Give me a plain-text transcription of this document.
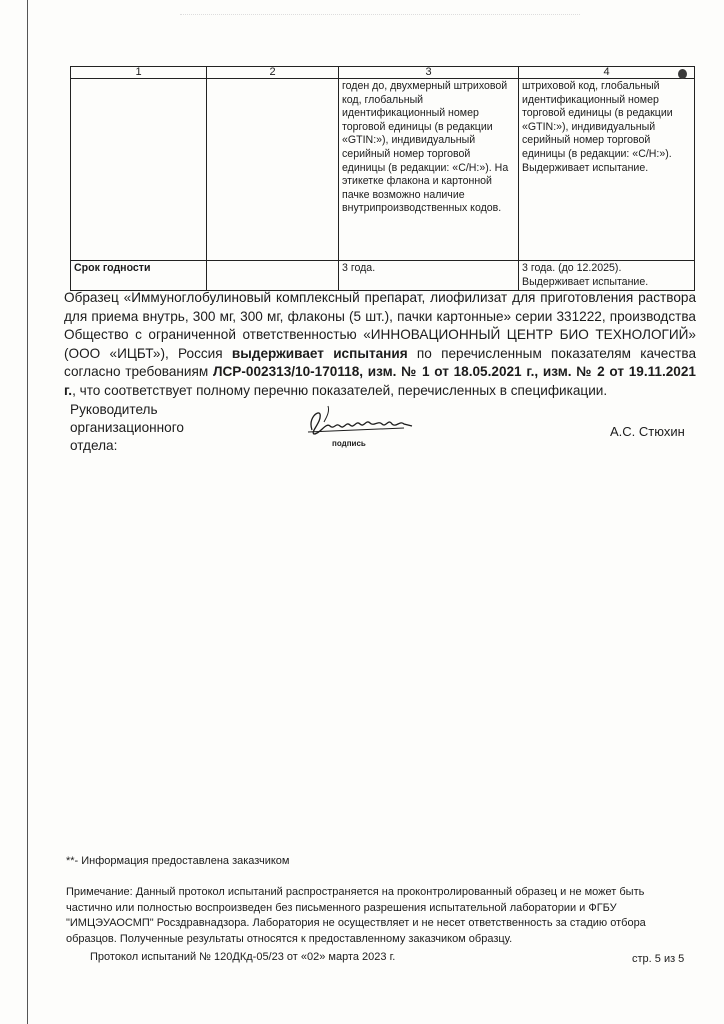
1	2	3	4
		годен до, двухмерный штриховой код, глобальный идентификационный номер торговой единицы (в редакции «GTIN:»), индивидуальный серийный номер торговой единицы (в редакции: «С/Н:»). На этикетке флакона и картонной пачке возможно наличие внутрипроизводственных кодов.	штриховой код, глобальный идентификационный номер торговой единицы (в редакции «GTIN:»), индивидуальный серийный номер торговой единицы (в редакции: «С/Н:»). Выдерживает испытание.
Срок годности		3 года.	3 года. (до 12.2025). Выдерживает испытание.
Образец «Иммуноглобулиновый комплексный препарат, лиофилизат для приготовления раствора для приема внутрь, 300 мг, 300 мг, флаконы (5 шт.), пачки картонные» серии 331222, производства Общество с ограниченной ответственностью «ИННОВАЦИОННЫЙ ЦЕНТР БИО ТЕХНОЛОГИЙ» (ООО «ИЦБТ»), Россия выдерживает испытания по перечисленным показателям качества согласно требованиям ЛСР-002313/10-170118, изм. № 1 от 18.05.2021 г., изм. № 2 от 19.11.2021 г., что соответствует полному перечню показателей, перечисленных в спецификации.
Руководитель организационного отдела:	подпись
А.С. Стюхин
**- Информация предоставлена заказчиком
Примечание: Данный протокол испытаний распространяется на проконтролированный образец и не может быть частично или полностью воспроизведен без письменного разрешения испытательной лаборатории и ФГБУ "ИМЦЭУАОСМП" Росздравнадзора. Лаборатория не осуществляет и не несет ответственность за стадию отбора образцов. Полученные результаты относятся к предоставленному заказчиком образцу.
Протокол испытаний № 120ДКд-05/23 от «02» марта 2023 г.	стр. 5 из 5
